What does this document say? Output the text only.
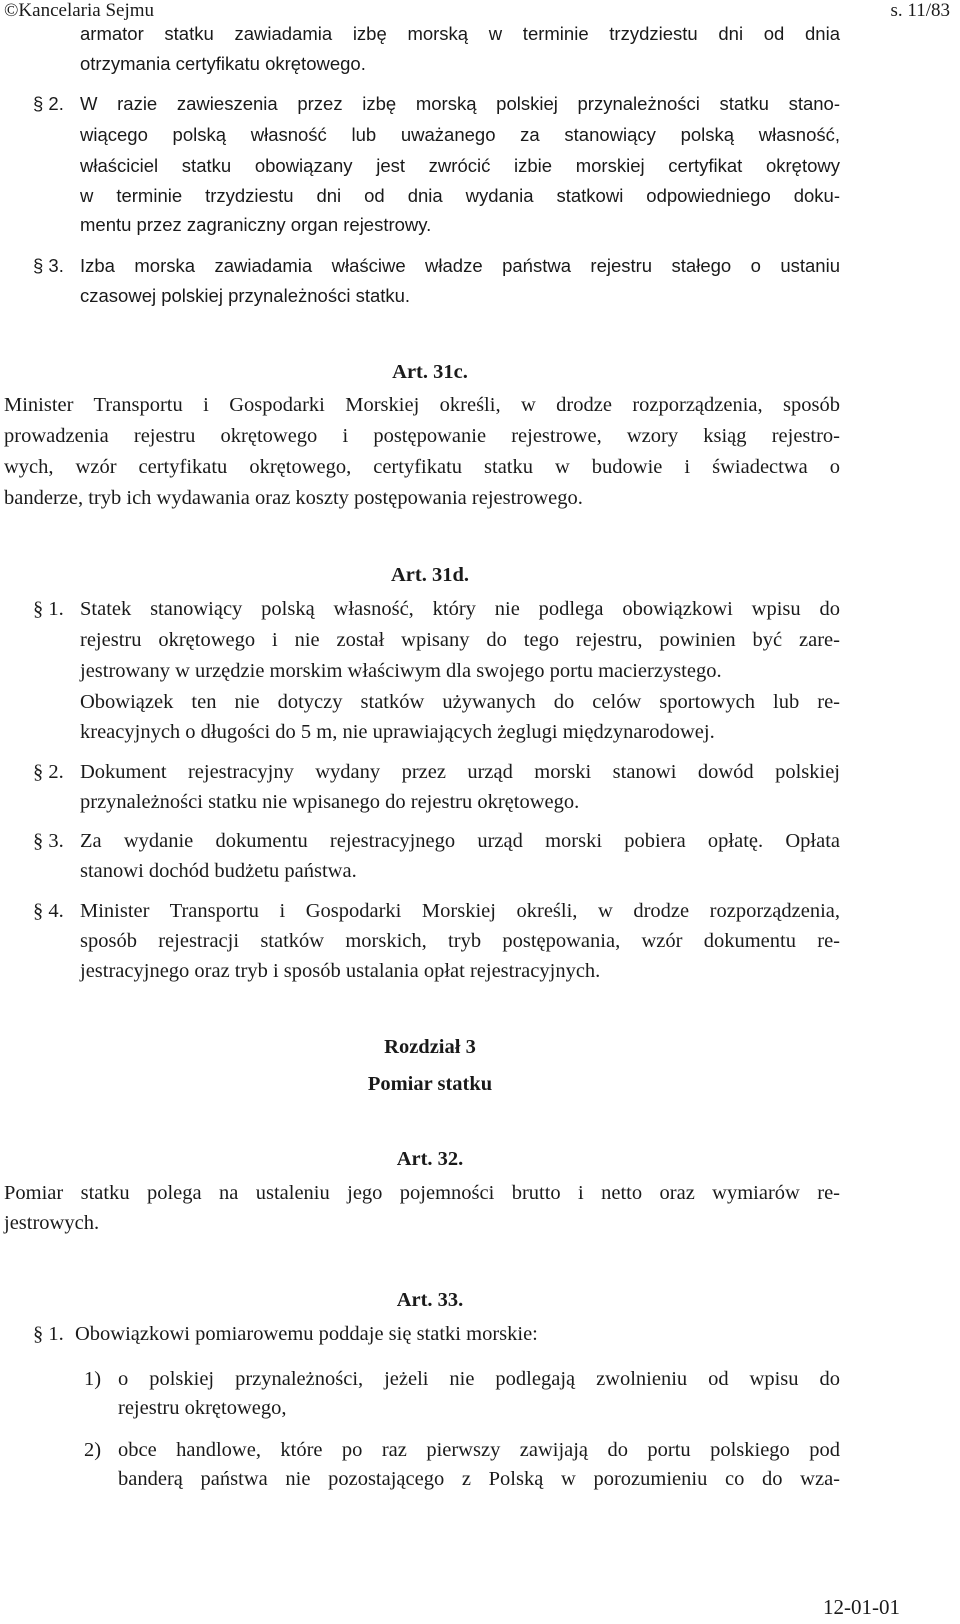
©Kancelaria Sejmu	s. 11/83
armator statku zawiadamia izbę morską w terminie trzydziestu dni od dnia
otrzymania certyfikatu okrętowego.
§ 2. W razie zawieszenia przez izbę morską polskiej przynależności statku stano-
wiącego polską własność lub uważanego za stanowiący polską własność,
właściciel statku obowiązany jest zwrócić izbie morskiej certyfikat okrętowy
w terminie trzydziestu dni od dnia wydania statkowi odpowiedniego doku-
mentu przez zagraniczny organ rejestrowy.
§ 3. Izba morska zawiadamia właściwe władze państwa rejestru stałego o ustaniu
czasowej polskiej przynależności statku.
Art. 31c.
Minister Transportu i Gospodarki Morskiej określi, w drodze rozporządzenia, sposób
prowadzenia rejestru okrętowego i postępowanie rejestrowe, wzory ksiąg rejestro-
wych, wzór certyfikatu okrętowego, certyfikatu statku w budowie i świadectwa o
banderze, tryb ich wydawania oraz koszty postępowania rejestrowego.
Art. 31d.
§ 1. Statek stanowiący polską własność, który nie podlega obowiązkowi wpisu do
rejestru okrętowego i nie został wpisany do tego rejestru, powinien być zare-
jestrowany w urzędzie morskim właściwym dla swojego portu macierzystego.
Obowiązek ten nie dotyczy statków używanych do celów sportowych lub re-
kreacyjnych o długości do 5 m, nie uprawiających żeglugi międzynarodowej.
§ 2. Dokument rejestracyjny wydany przez urząd morski stanowi dowód polskiej
przynależności statku nie wpisanego do rejestru okrętowego.
§ 3. Za wydanie dokumentu rejestracyjnego urząd morski pobiera opłatę. Opłata
stanowi dochód budżetu państwa.
§ 4. Minister Transportu i Gospodarki Morskiej określi, w drodze rozporządzenia,
sposób rejestracji statków morskich, tryb postępowania, wzór dokumentu re-
jestracyjnego oraz tryb i sposób ustalania opłat rejestracyjnych.
Rozdział 3
Pomiar statku
Art. 32.
Pomiar statku polega na ustaleniu jego pojemności brutto i netto oraz wymiarów re-
jestrowych.
Art. 33.
§ 1. Obowiązkowi pomiarowemu poddaje się statki morskie:
1) o polskiej przynależności, jeżeli nie podlegają zwolnieniu od wpisu do
rejestru okrętowego,
2) obce handlowe, które po raz pierwszy zawijają do portu polskiego pod
banderą państwa nie pozostającego z Polską w porozumieniu co do wza-
12-01-01
